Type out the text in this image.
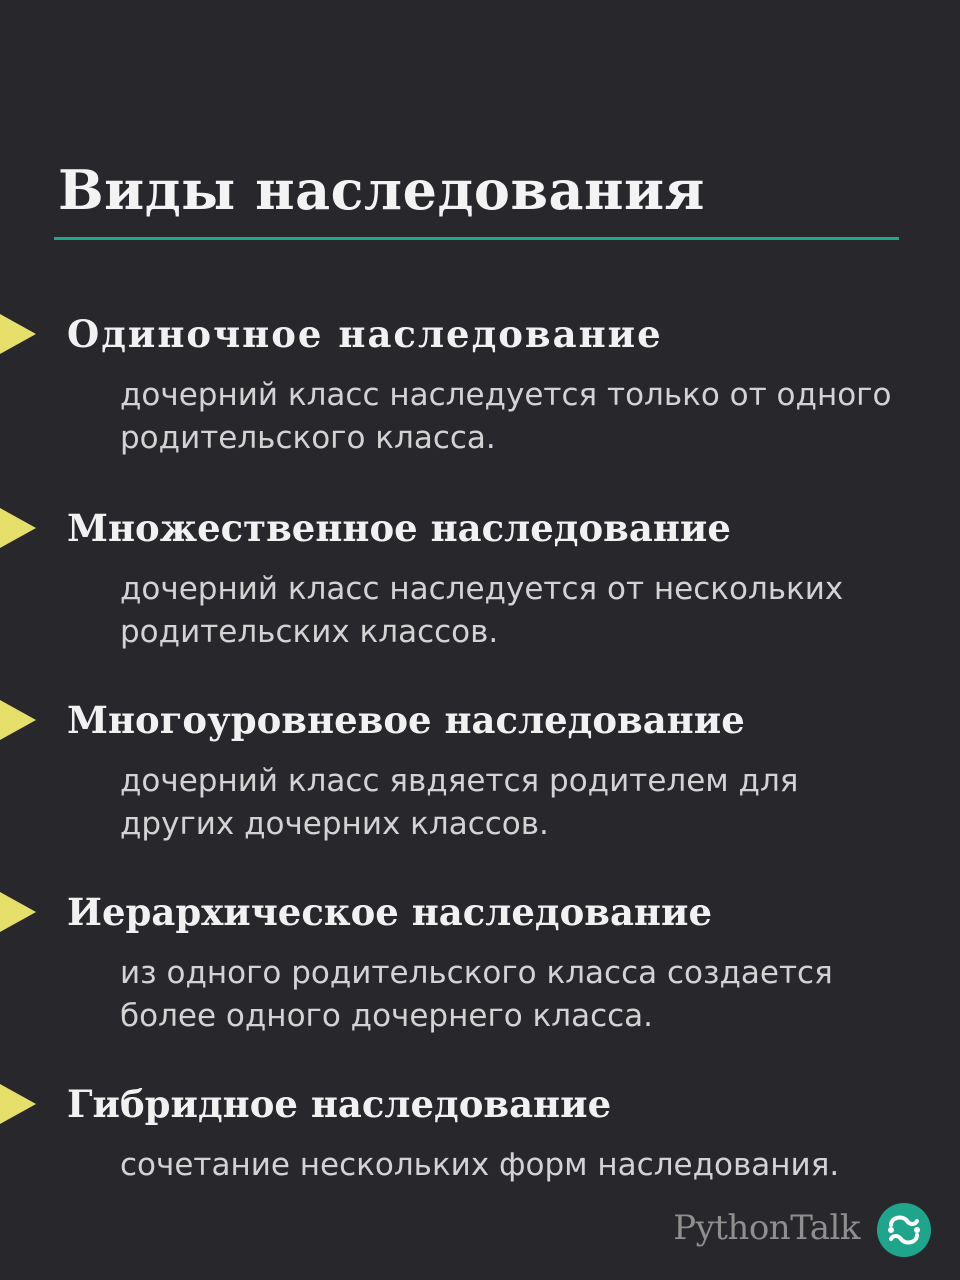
Виды наследования
Одиночное наследование
дочерний класс наследуется только от одного
родительского класса.
Множественное наследование
дочерний класс наследуется от нескольких
родительских классов.
Многоуровневое наследование
дочерний класс явдяется родителем для
других дочерних классов.
Иерархическое наследование
из одного родительского класса создается
более одного дочернего класса.
Гибридное наследование
сочетание нескольких форм наследования.
PythonTalk
